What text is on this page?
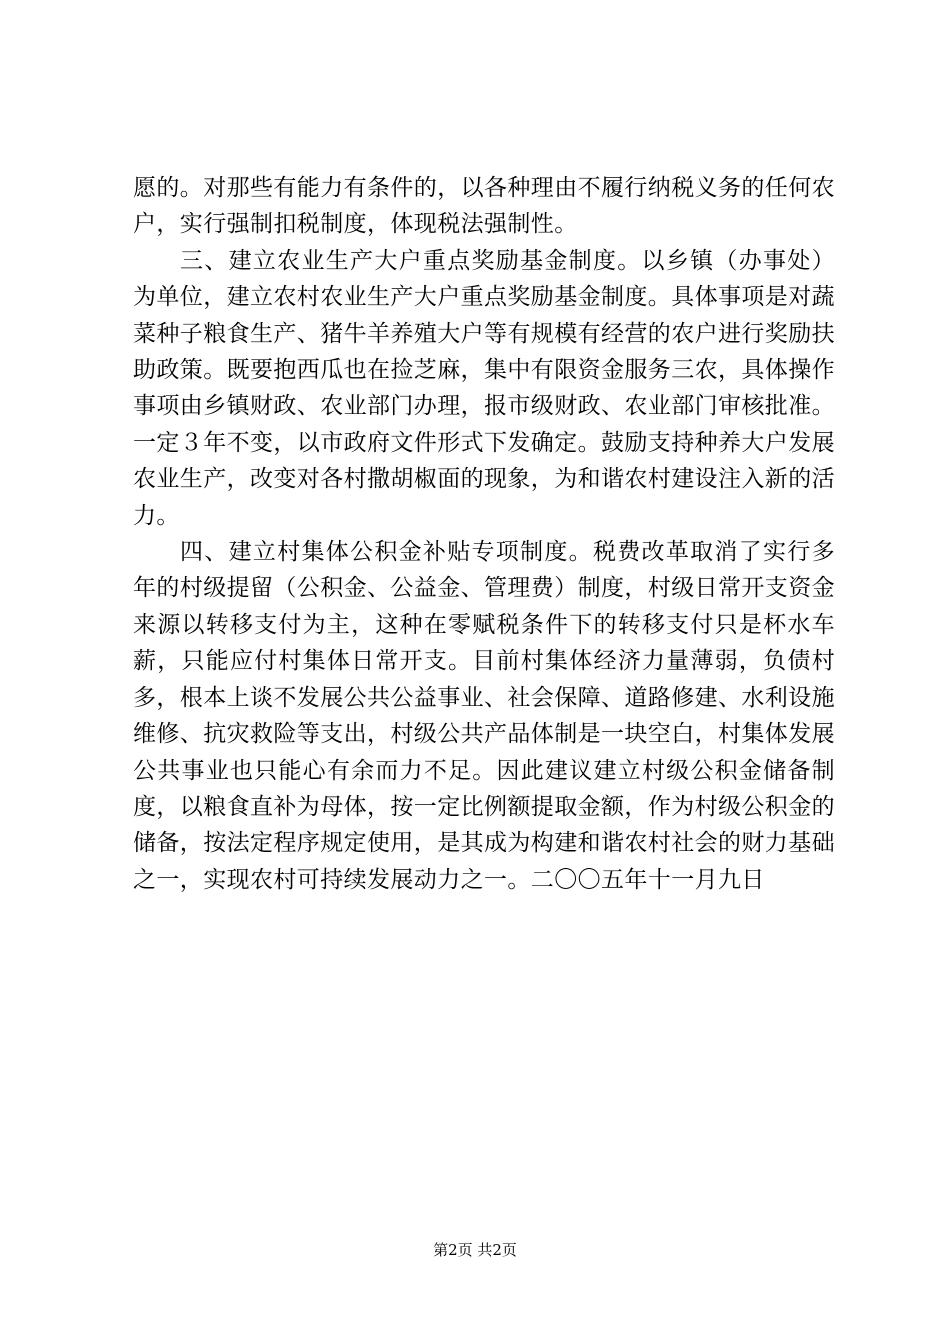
愿的。对那些有能力有条件的，以各种理由不履行纳税义务的任何农户，实行强制扣税制度，体现税法强制性。

三、建立农业生产大户重点奖励基金制度。以乡镇（办事处）为单位，建立农村农业生产大户重点奖励基金制度。具体事项是对蔬菜种子粮食生产、猪牛羊养殖大户等有规模有经营的农户进行奖励扶助政策。既要抱西瓜也在捡芝麻，集中有限资金服务三农，具体操作事项由乡镇财政、农业部门办理，报市级财政、农业部门审核批准。一定３年不变，以市政府文件形式下发确定。鼓励支持种养大户发展农业生产，改变对各村撒胡椒面的现象，为和谐农村建设注入新的活力。

四、建立村集体公积金补贴专项制度。税费改革取消了实行多年的村级提留（公积金、公益金、管理费）制度，村级日常开支资金来源以转移支付为主，这种在零赋税条件下的转移支付只是杯水车薪，只能应付村集体日常开支。目前村集体经济力量薄弱，负债村多，根本上谈不发展公共公益事业、社会保障、道路修建、水利设施维修、抗灾救险等支出，村级公共产品体制是一块空白，村集体发展公共事业也只能心有余而力不足。因此建议建立村级公积金储备制度，以粮食直补为母体，按一定比例额提取金额，作为村级公积金的储备，按法定程序规定使用，是其成为构建和谐农村社会的财力基础之一，实现农村可持续发展动力之一。二〇〇五年十一月九日

第2页 共2页
